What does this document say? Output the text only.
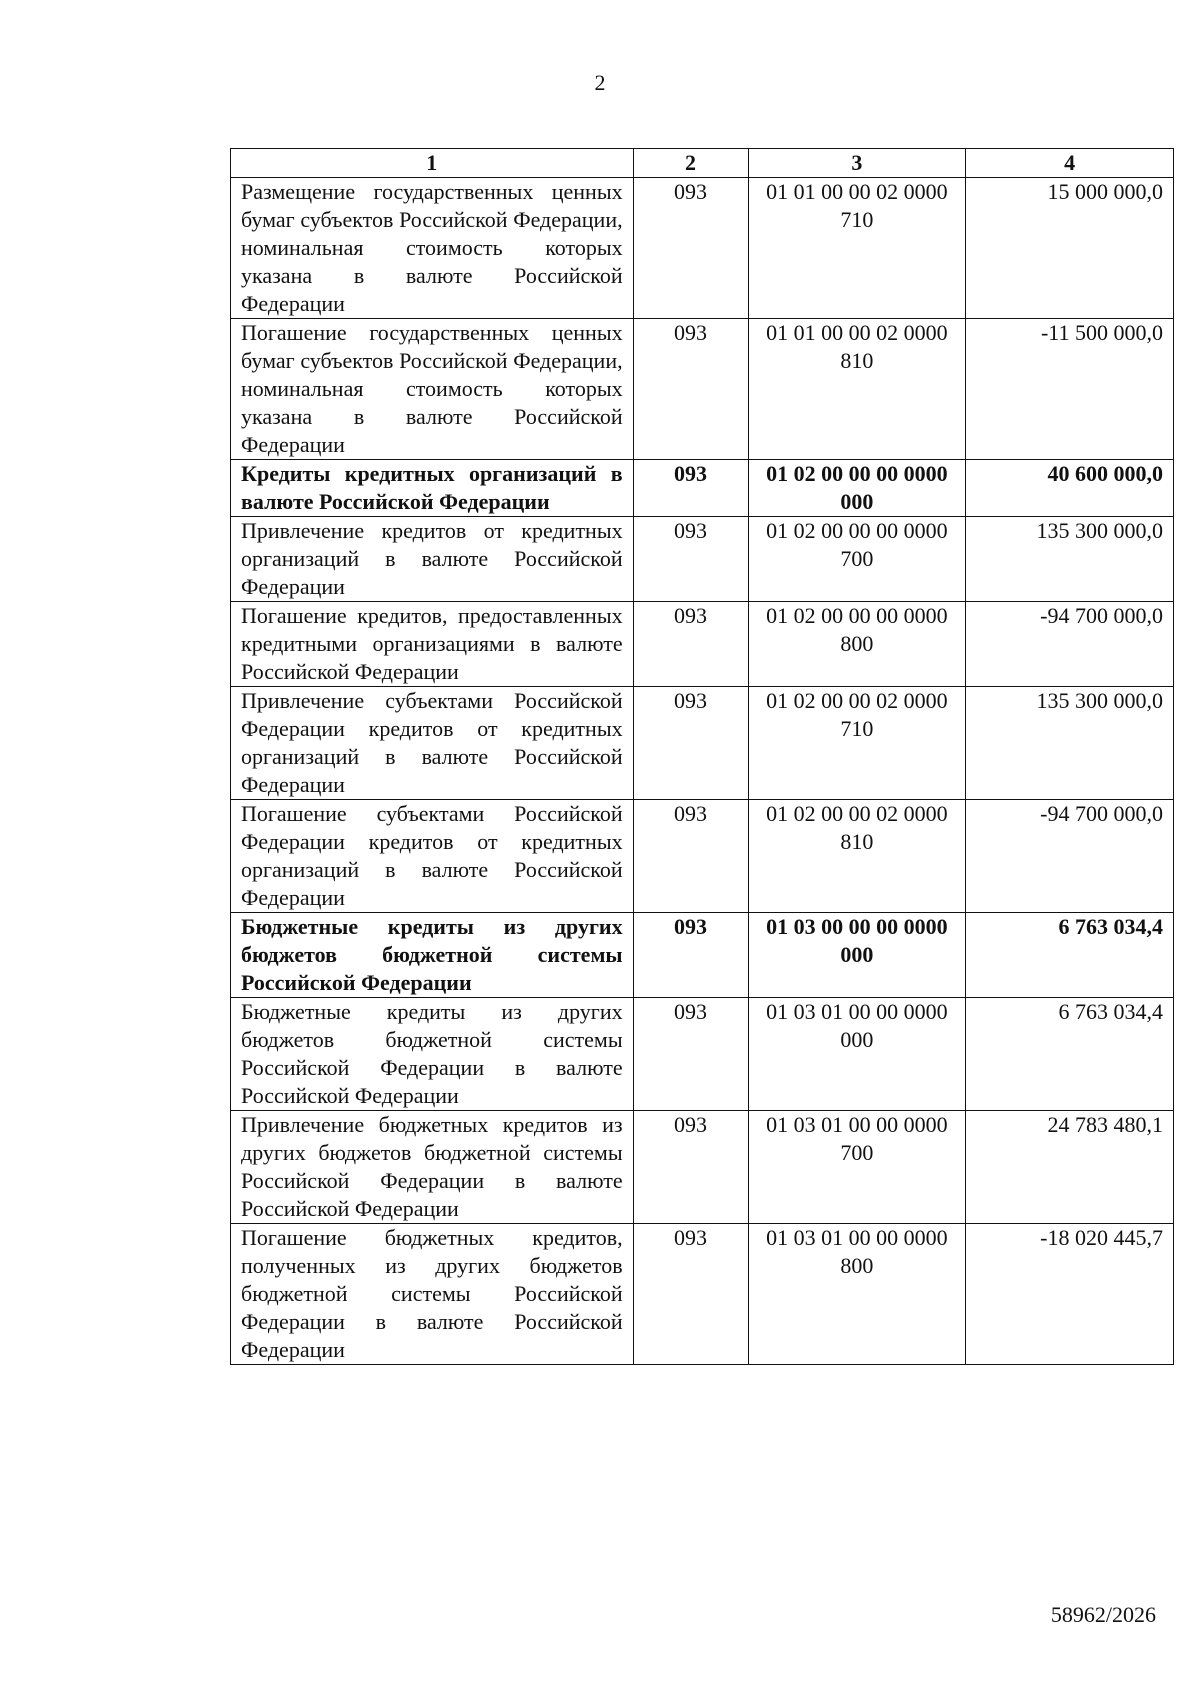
2
1	2	3	4
Размещение государственных ценных бумаг субъектов Российской Федерации, номинальная стоимость которых указана в валюте Российской Федерации	093	01 01 00 00 02 0000 710	15 000 000,0
Погашение государственных ценных бумаг субъектов Российской Федерации, номинальная стоимость которых указана в валюте Российской Федерации	093	01 01 00 00 02 0000 810	-11 500 000,0
Кредиты кредитных организаций в валюте Российской Федерации	093	01 02 00 00 00 0000 000	40 600 000,0
Привлечение кредитов от кредитных организаций в валюте Российской Федерации	093	01 02 00 00 00 0000 700	135 300 000,0
Погашение кредитов, предоставленных кредитными организациями в валюте Российской Федерации	093	01 02 00 00 00 0000 800	-94 700 000,0
Привлечение субъектами Российской Федерации кредитов от кредитных организаций в валюте Российской Федерации	093	01 02 00 00 02 0000 710	135 300 000,0
Погашение субъектами Российской Федерации кредитов от кредитных организаций в валюте Российской Федерации	093	01 02 00 00 02 0000 810	-94 700 000,0
Бюджетные кредиты из других бюджетов бюджетной системы Российской Федерации	093	01 03 00 00 00 0000 000	6 763 034,4
Бюджетные кредиты из других бюджетов бюджетной системы Российской Федерации в валюте Российской Федерации	093	01 03 01 00 00 0000 000	6 763 034,4
Привлечение бюджетных кредитов из других бюджетов бюджетной системы Российской Федерации в валюте Российской Федерации	093	01 03 01 00 00 0000 700	24 783 480,1
Погашение бюджетных кредитов, полученных из других бюджетов бюджетной системы Российской Федерации в валюте Российской Федерации	093	01 03 01 00 00 0000 800	-18 020 445,7
58962/2026
